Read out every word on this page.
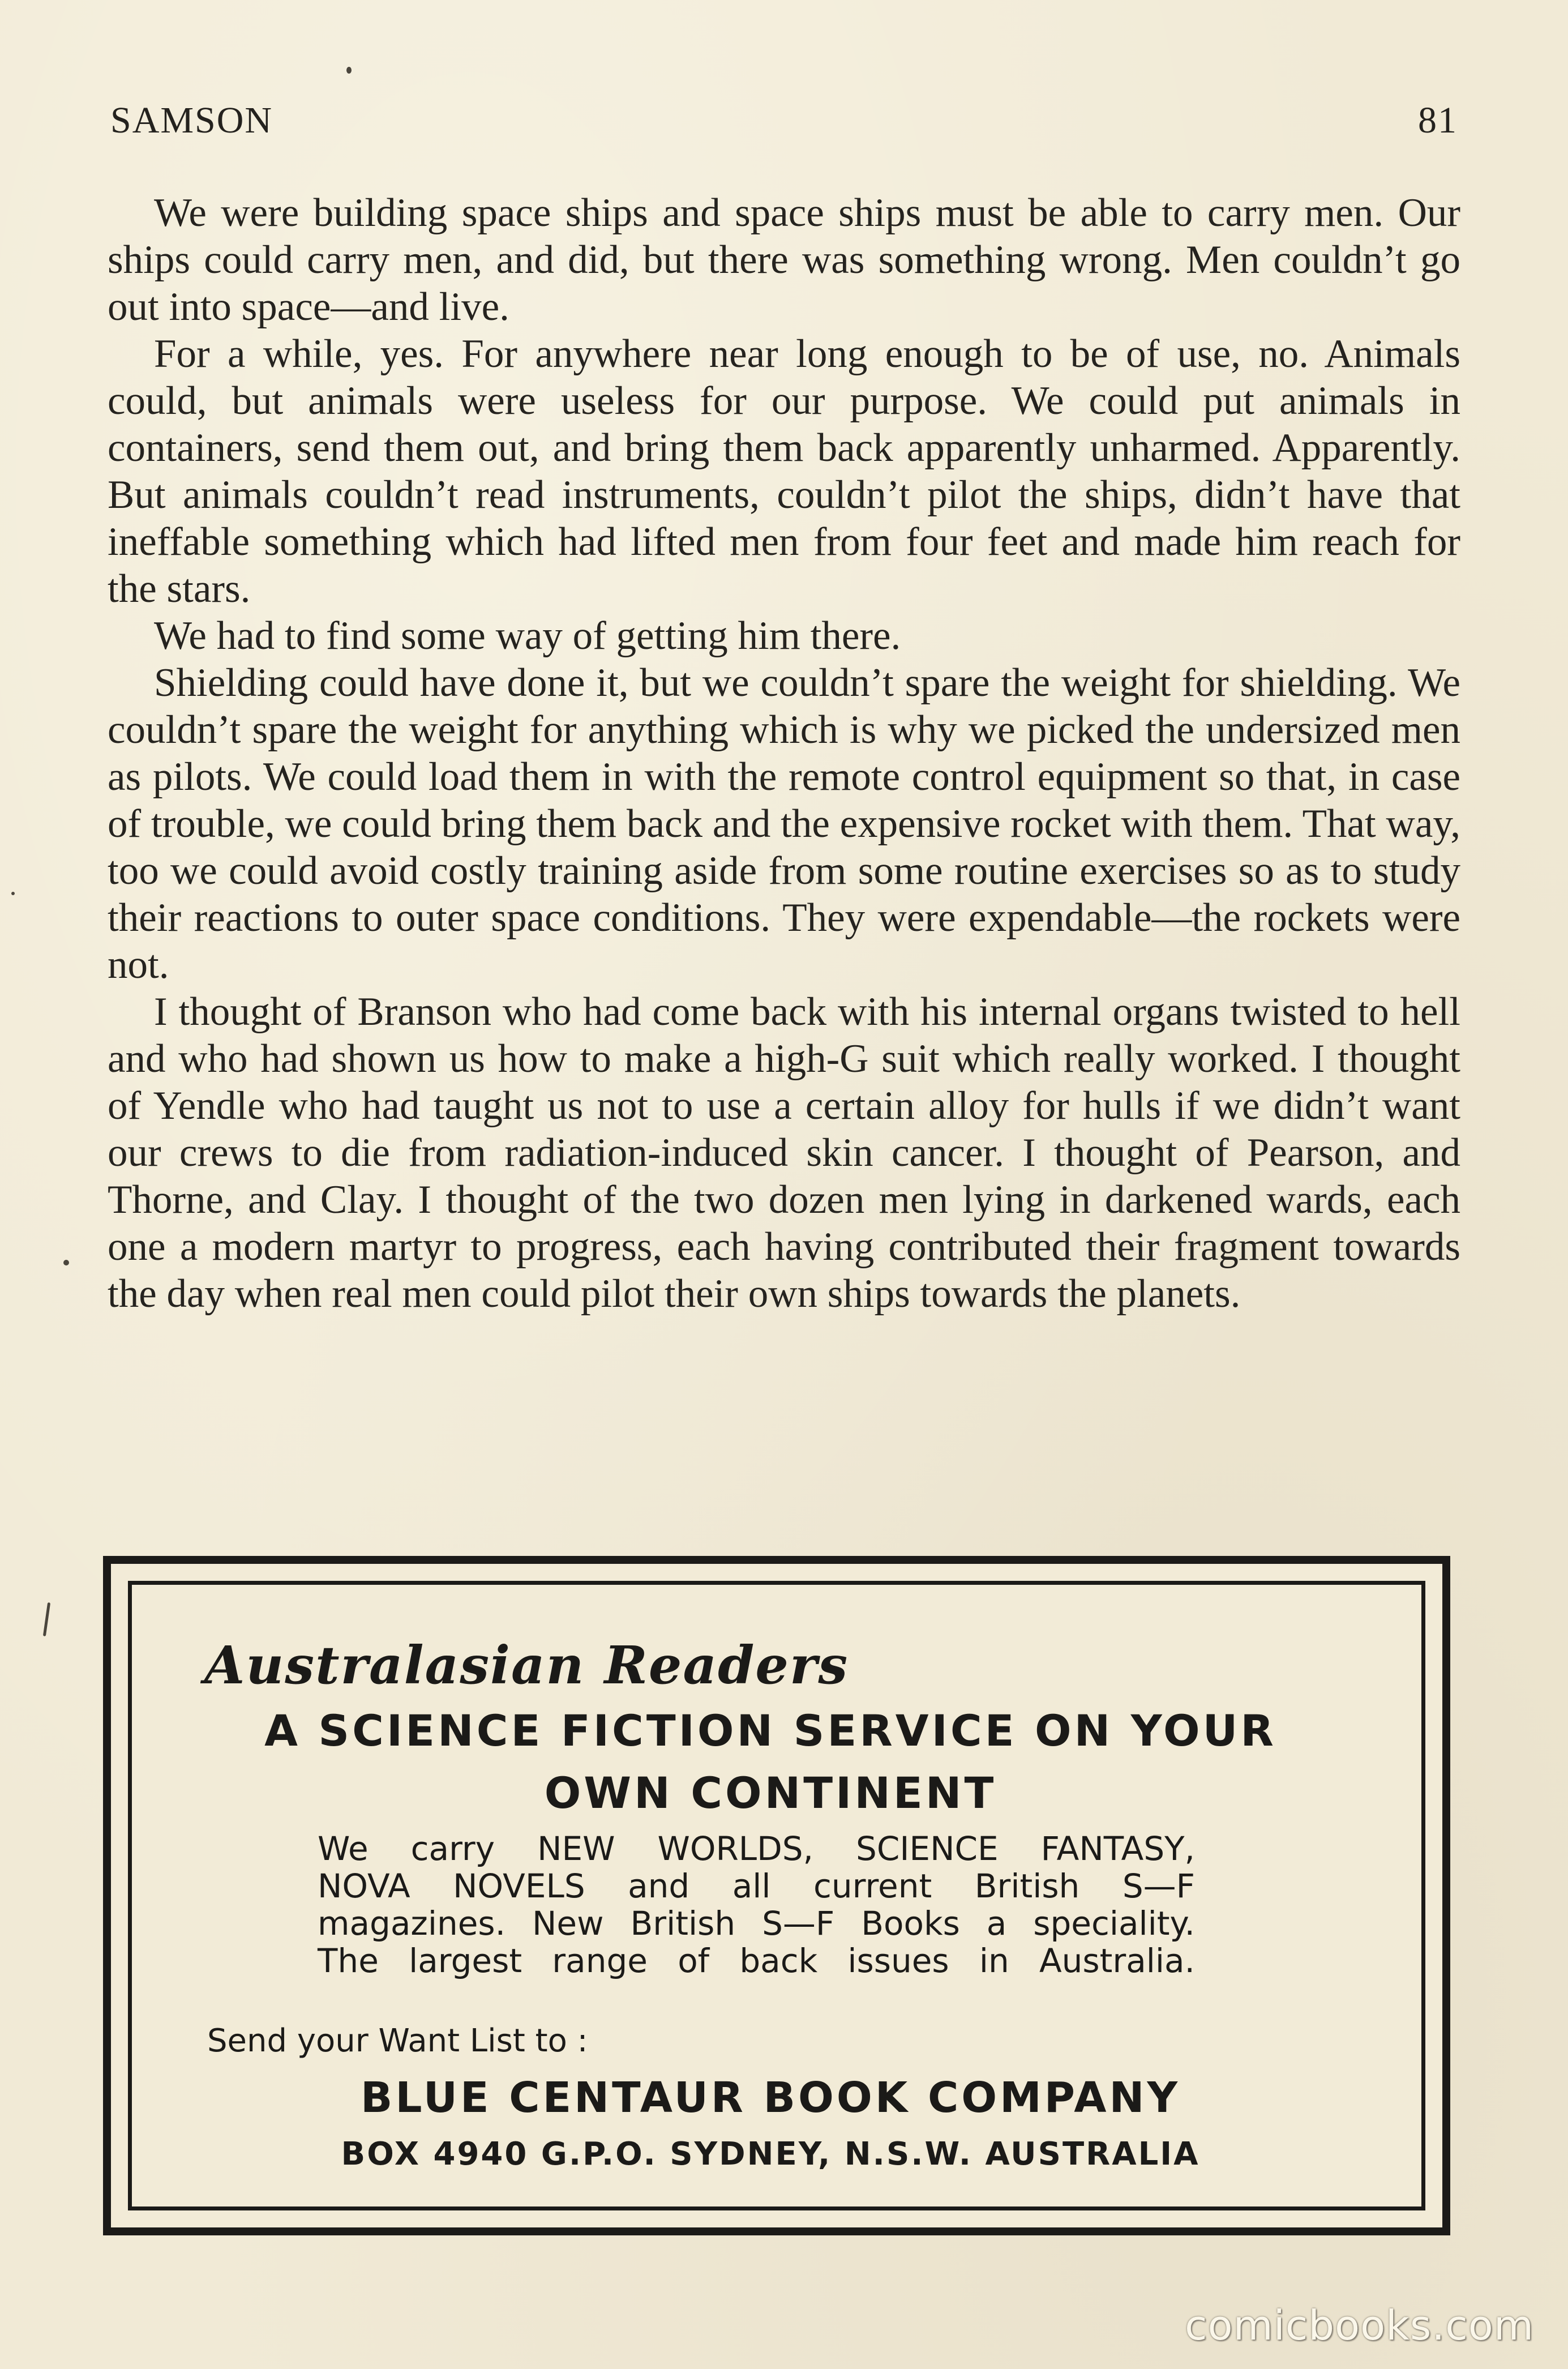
SAMSON	81

We were building space ships and space ships must be able to carry men. Our ships could carry men, and did, but there was something wrong. Men couldn’t go out into space—and live.

For a while, yes. For anywhere near long enough to be of use, no. Animals could, but animals were useless for our purpose. We could put animals in containers, send them out, and bring them back apparently unharmed. Apparently. But animals couldn’t read instruments, couldn’t pilot the ships, didn’t have that ineffable something which had lifted men from four feet and made him reach for the stars.

We had to find some way of getting him there.

Shielding could have done it, but we couldn’t spare the weight for shielding. We couldn’t spare the weight for anything which is why we picked the undersized men as pilots. We could load them in with the remote control equipment so that, in case of trouble, we could bring them back and the expensive rocket with them. That way, too we could avoid costly training aside from some routine exercises so as to study their reactions to outer space conditions. They were expendable—the rockets were not.

I thought of Branson who had come back with his internal organs twisted to hell and who had shown us how to make a high-G suit which really worked. I thought of Yendle who had taught us not to use a certain alloy for hulls if we didn’t want our crews to die from radiation-induced skin cancer. I thought of Pearson, and Thorne, and Clay. I thought of the two dozen men lying in darkened wards, each one a modern martyr to progress, each having contributed their fragment towards the day when real men could pilot their own ships towards the planets.

Australasian Readers
A SCIENCE FICTION SERVICE ON YOUR
OWN CONTINENT
We carry NEW WORLDS, SCIENCE FANTASY,
NOVA NOVELS and all current British S—F
magazines. New British S—F Books a speciality.
The largest range of back issues in Australia.
Send your Want List to :
BLUE CENTAUR BOOK COMPANY
BOX 4940 G.P.O. SYDNEY, N.S.W. AUSTRALIA
comicbooks.com
